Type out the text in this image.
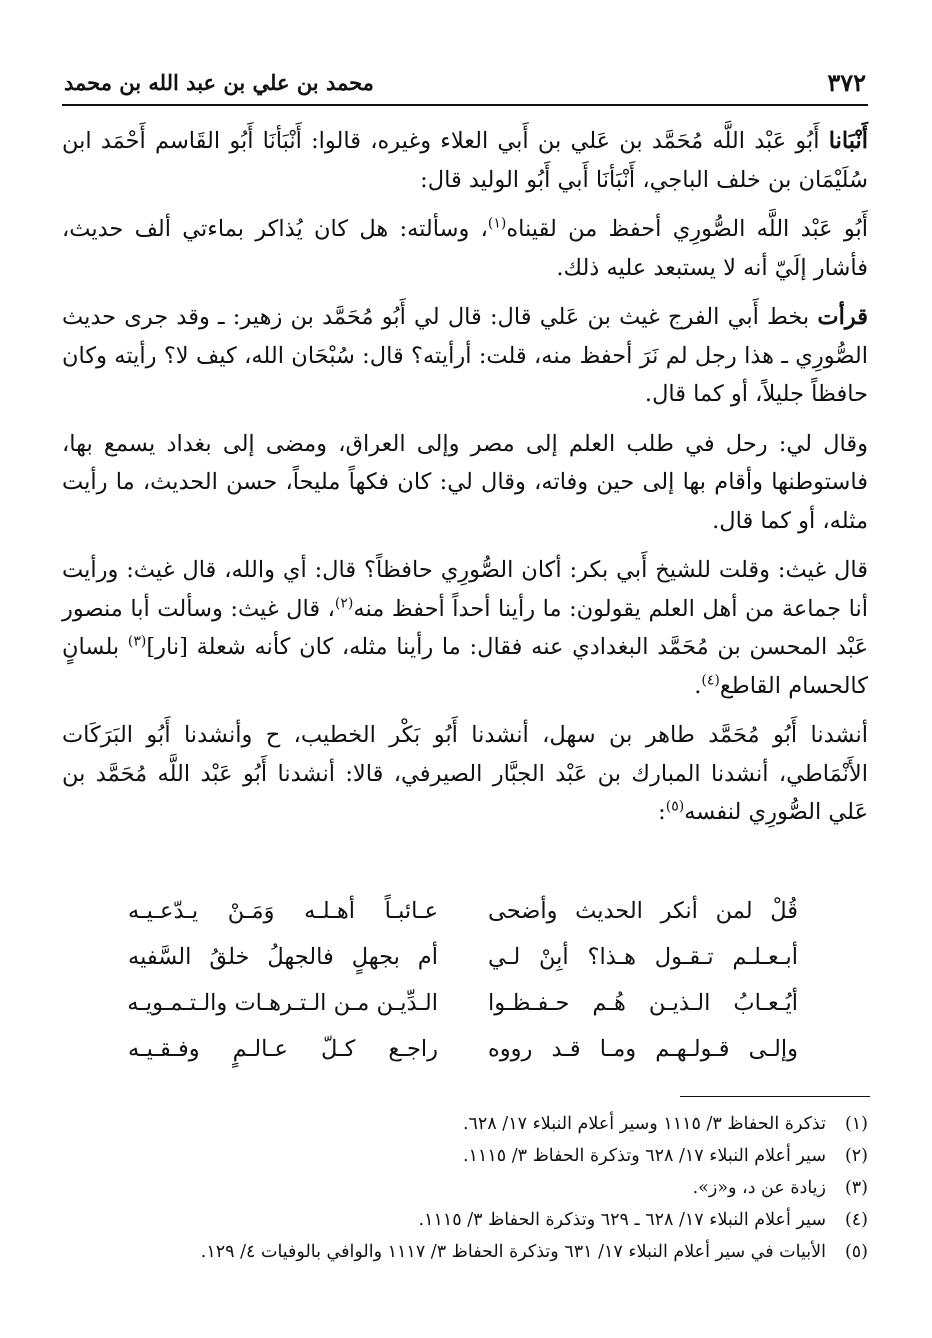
٣٧٢
محمد بن علي بن عبد الله بن محمد

أَنْبَانا أَبُو عَبْد اللَّه مُحَمَّد بن عَلي بن أَبي العلاء وغيره، قالوا: أَنْبَأنَا أَبُو القَاسم أَحْمَد ابن سُلَيْمَان بن خلف الباجي، أَنْبَأنَا أَبي أَبُو الوليد قال:

أَبُو عَبْد اللَّه الصُّورِي أحفظ من لقيناه$^{(١)}$، وسألته: هل كان يُذاكر بماءتي ألف حديث، فأشار إلَيّ أنه لا يستبعد عليه ذلك.

قرأت بخط أَبي الفرج غيث بن عَلي قال: قال لي أَبُو مُحَمَّد بن زهير: ـ وقد جرى حديث الصُّورِي ـ هذا رجل لم نَرَ أحفظ منه، قلت: أرأيته؟ قال: سُبْحَان الله، كيف لا؟ رأيته وكان حافظاً جليلاً، أو كما قال.

وقال لي: رحل في طلب العلم إلى مصر وإلى العراق، ومضى إلى بغداد يسمع بها، فاستوطنها وأقام بها إلى حين وفاته، وقال لي: كان فكهاً مليحاً، حسن الحديث، ما رأيت مثله، أو كما قال.

قال غيث: وقلت للشيخ أَبي بكر: أكان الصُّورِي حافظاً؟ قال: أي والله، قال غيث: ورأيت أنا جماعة من أهل العلم يقولون: ما رأينا أحداً أحفظ منه$^{(٢)}$، قال غيث: وسألت أبا منصور عَبْد المحسن بن مُحَمَّد البغدادي عنه فقال: ما رأينا مثله، كان كأنه شعلة [نار]$^{(٣)}$ بلسانٍ كالحسام القاطع$^{(٤)}$.

أنشدنا أَبُو مُحَمَّد طاهر بن سهل، أنشدنا أَبُو بَكْر الخطيب، ح وأنشدنا أَبُو البَرَكَات الأَنْمَاطي، أنشدنا المبارك بن عَبْد الجبَّار الصيرفي، قالا: أنشدنا أَبُو عَبْد اللَّه مُحَمَّد بن عَلي الصُّورِي لنفسه$^{(٥)}$:

قُلْ لمن أنكر الحديث وأضحى
عـائبـاً أهـلـه وَمَـنْ يـدّعـيـه
أبـعـلـم تـقـول هـذا؟ أبِنْ لـي
أم بجهلٍ فالجهلُ خلقُ السَّفيه
أيُـعـابُ الـذيـن هُـم حـفـظـوا
الـدِّيـن مـن الـتـرهـات والـتـمـويـه
وإلـى قـولـهـم ومـا قـد رووه
راجـع كـلّ عـالـمٍ وفـقـيـه
(١)
تذكرة الحفاظ ٣/ ١١١٥ وسير أعلام النبلاء ١٧/ ٦٢٨.
(٢)
سير أعلام النبلاء ١٧/ ٦٢٨ وتذكرة الحفاظ ٣/ ١١١٥.
(٣)
زيادة عن د، و«ز».
(٤)
سير أعلام النبلاء ١٧/ ٦٢٨ ـ ٦٢٩ وتذكرة الحفاظ ٣/ ١١١٥.
(٥)
الأبيات في سير أعلام النبلاء ١٧/ ٦٣١ وتذكرة الحفاظ ٣/ ١١١٧ والوافي بالوفيات ٤/ ١٢٩.
